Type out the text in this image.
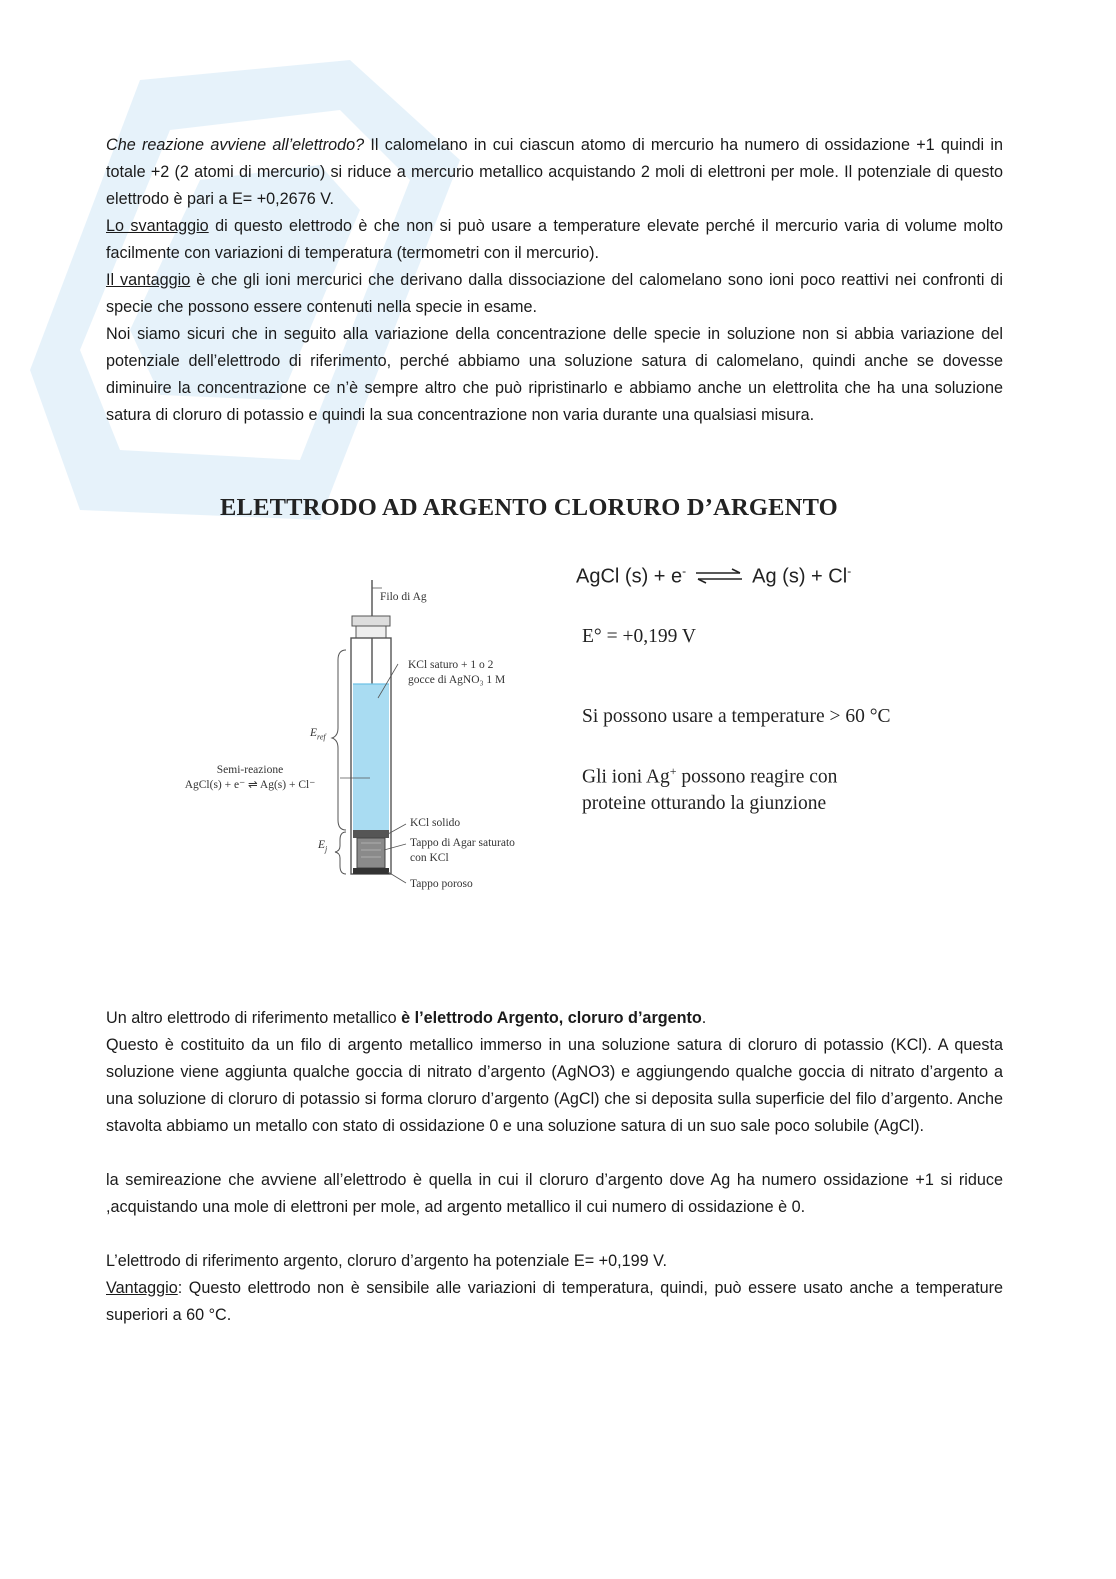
Che reazione avviene all’elettrodo? Il calomelano in cui ciascun atomo di mercurio ha numero di ossidazione +1 quindi in totale +2 (2 atomi di mercurio) si riduce a mercurio metallico acquistando 2 moli di elettroni per mole. Il potenziale di questo elettrodo è pari a E= +0,2676 V.

Lo svantaggio di questo elettrodo è che non si può usare a temperature elevate perché il mercurio varia di volume molto facilmente con variazioni di temperatura (termometri con il mercurio).

Il vantaggio è che gli ioni mercurici che derivano dalla dissociazione del calomelano sono ioni poco reattivi nei confronti di specie che possono essere contenuti nella specie in esame.

Noi siamo sicuri che in seguito alla variazione della concentrazione delle specie in soluzione non si abbia variazione del potenziale dell’elettrodo di riferimento, perché abbiamo una soluzione satura di calomelano, quindi anche se dovesse diminuire la concentrazione ce n’è sempre altro che può ripristinarlo e abbiamo anche un elettrolita che ha una soluzione satura di cloruro di potassio e quindi la sua concentrazione non varia durante una qualsiasi misura.

ELETTRODO AD ARGENTO CLORURO D’ARGENTO
AgCl (s) + e- ⇌ Ag (s) + Cl-
E° = +0,199 V
Si possono usare a temperature > 60 °C
Gli ioni Ag+ possono reagire con
proteine otturando la giunzione
Filo di Ag
KCl saturo + 1 o 2
gocce di AgNO₃ 1 M
$E_{ref}$
Semi-reazione
AgCl(s) + e⁻ ⇌ Ag(s) + Cl⁻
KCl solido
Tappo di Agar saturato
con KCl
$E_j$
Tappo poroso

Un altro elettrodo di riferimento metallico è l’elettrodo Argento, cloruro d’argento.

Questo è costituito da un filo di argento metallico immerso in una soluzione satura di cloruro di potassio (KCl). A questa soluzione viene aggiunta qualche goccia di nitrato d’argento (AgNO3) e aggiungendo qualche goccia di nitrato d’argento a una soluzione di cloruro di potassio si forma cloruro d’argento (AgCl) che si deposita sulla superficie del filo d’argento. Anche stavolta abbiamo un metallo con stato di ossidazione 0 e una soluzione satura di un suo sale poco solubile (AgCl).

la semireazione che avviene all’elettrodo è quella in cui il cloruro d’argento dove Ag ha numero ossidazione +1 si riduce ,acquistando una mole di elettroni per mole, ad argento metallico il cui numero di ossidazione è 0.

L’elettrodo di riferimento argento, cloruro d’argento ha potenziale E= +0,199 V.

Vantaggio: Questo elettrodo non è sensibile alle variazioni di temperatura, quindi, può essere usato anche a temperature superiori a 60 °C.
